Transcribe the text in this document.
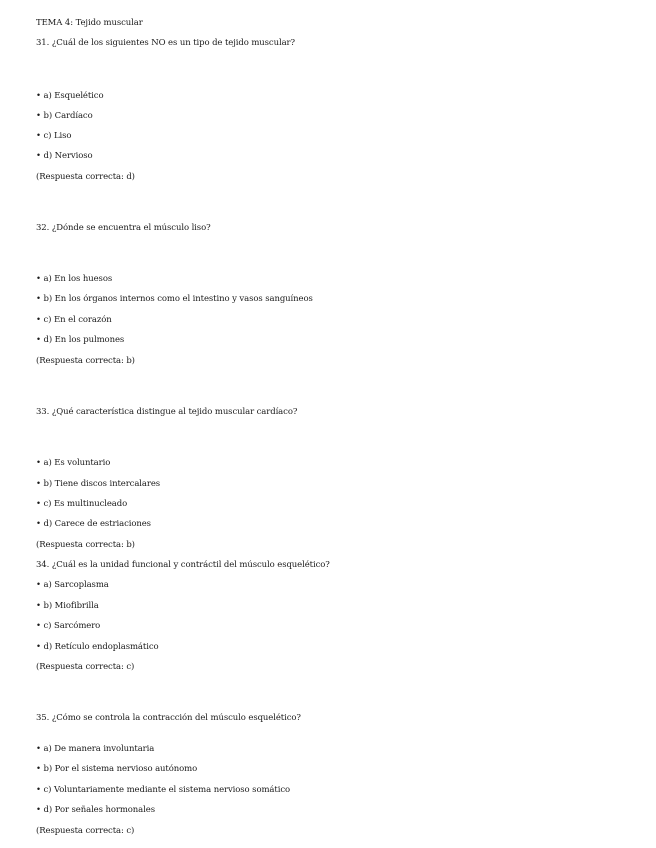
TEMA 4: Tejido muscular
31. ¿Cuál de los siguientes NO es un tipo de tejido muscular?
• a) Esquelético
• b) Cardíaco
• c) Liso
• d) Nervioso
(Respuesta correcta: d)
32. ¿Dónde se encuentra el músculo liso?
• a) En los huesos
• b) En los órganos internos como el intestino y vasos sanguíneos
• c) En el corazón
• d) En los pulmones
(Respuesta correcta: b)
33. ¿Qué característica distingue al tejido muscular cardíaco?
• a) Es voluntario
• b) Tiene discos intercalares
• c) Es multinucleado
• d) Carece de estriaciones
(Respuesta correcta: b)
34. ¿Cuál es la unidad funcional y contráctil del músculo esquelético?
• a) Sarcoplasma
• b) Miofibrilla
• c) Sarcómero
• d) Retículo endoplasmático
(Respuesta correcta: c)
35. ¿Cómo se controla la contracción del músculo esquelético?
• a) De manera involuntaria
• b) Por el sistema nervioso autónomo
• c) Voluntariamente mediante el sistema nervioso somático
• d) Por señales hormonales
(Respuesta correcta: c)
